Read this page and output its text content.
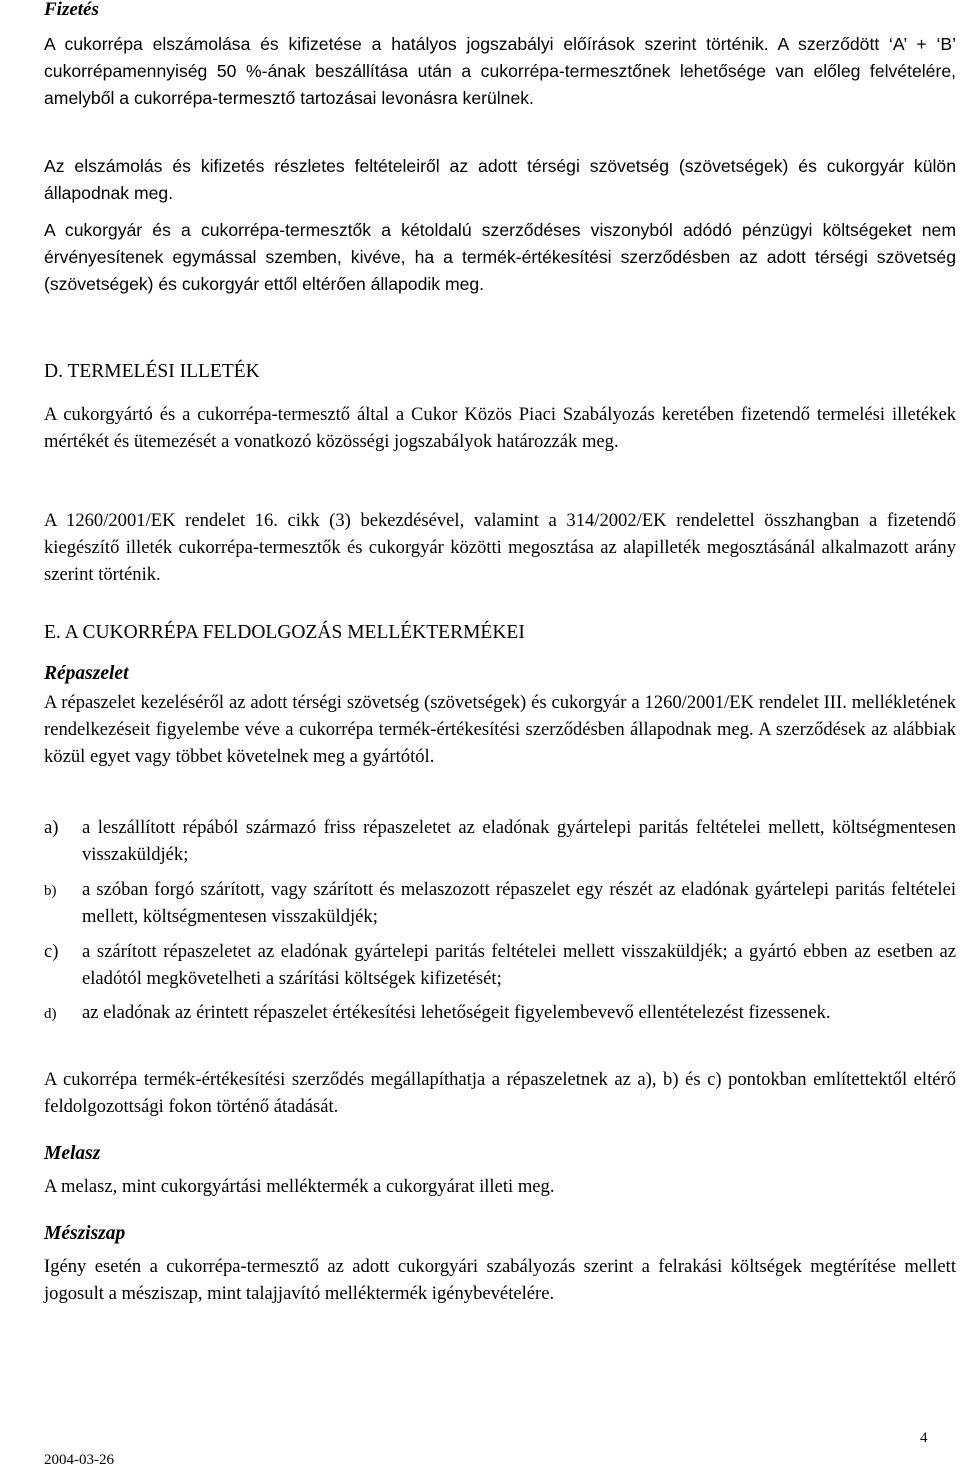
Fizetés

A cukorrépa elszámolása és kifizetése a hatályos jogszabályi előírások szerint történik. A szerződött ‘A’ + ‘B’ cukorrépamennyiség 50 %-ának beszállítása után a cukorrépa-termesztőnek lehetősége van előleg felvételére, amelyből a cukorrépa-termesztő tartozásai levonásra kerülnek.

Az elszámolás és kifizetés részletes feltételeiről az adott térségi szövetség (szövetségek) és cukorgyár külön állapodnak meg.

A cukorgyár és a cukorrépa-termesztők a kétoldalú szerződéses viszonyból adódó pénzügyi költségeket nem érvényesítenek egymással szemben, kivéve, ha a termék-értékesítési szerződésben az adott térségi szövetség (szövetségek) és cukorgyár ettől eltérően állapodik meg.

D. TERMELÉSI ILLETÉK

A cukorgyártó és a cukorrépa-termesztő által a Cukor Közös Piaci Szabályozás keretében fizetendő termelési illetékek mértékét és ütemezését a vonatkozó közösségi jogszabályok határozzák meg.

A 1260/2001/EK rendelet 16. cikk (3) bekezdésével, valamint a 314/2002/EK rendelettel összhangban a fizetendő kiegészítő illeték cukorrépa-termesztők és cukorgyár közötti megosztása az alapilleték megosztásánál alkalmazott arány szerint történik.

E. A CUKORRÉPA FELDOLGOZÁS MELLÉKTERMÉKEI
Répaszelet

A répaszelet kezeléséről az adott térségi szövetség (szövetségek) és cukorgyár a 1260/2001/EK rendelet III. mellékletének rendelkezéseit figyelembe véve a cukorrépa termék-értékesítési szerződésben állapodnak meg. A szerződések az alábbiak közül egyet vagy többet követelnek meg a gyártótól.

a) a leszállított répából származó friss répaszeletet az eladónak gyártelepi paritás feltételei mellett, költségmentesen visszaküldjék;

b) a szóban forgó szárított, vagy szárított és melaszozott répaszelet egy részét az eladónak gyártelepi paritás feltételei mellett, költségmentesen visszaküldjék;

c) a szárított répaszeletet az eladónak gyártelepi paritás feltételei mellett visszaküldjék; a gyártó ebben az esetben az eladótól megkövetelheti a szárítási költségek kifizetését;

d) az eladónak az érintett répaszelet értékesítési lehetőségeit figyelembevevő ellentételezést fizessenek.

A cukorrépa termék-értékesítési szerződés megállapíthatja a répaszeletnek az a), b) és c) pontokban említettektől eltérő feldolgozottsági fokon történő átadását.

Melasz

A melasz, mint cukorgyártási melléktermék a cukorgyárat illeti meg.

Mésziszap

Igény esetén a cukorrépa-termesztő az adott cukorgyári szabályozás szerint a felrakási költségek megtérítése mellett jogosult a mésziszap, mint talajjavító melléktermék igénybevételére.

4
2004-03-26
